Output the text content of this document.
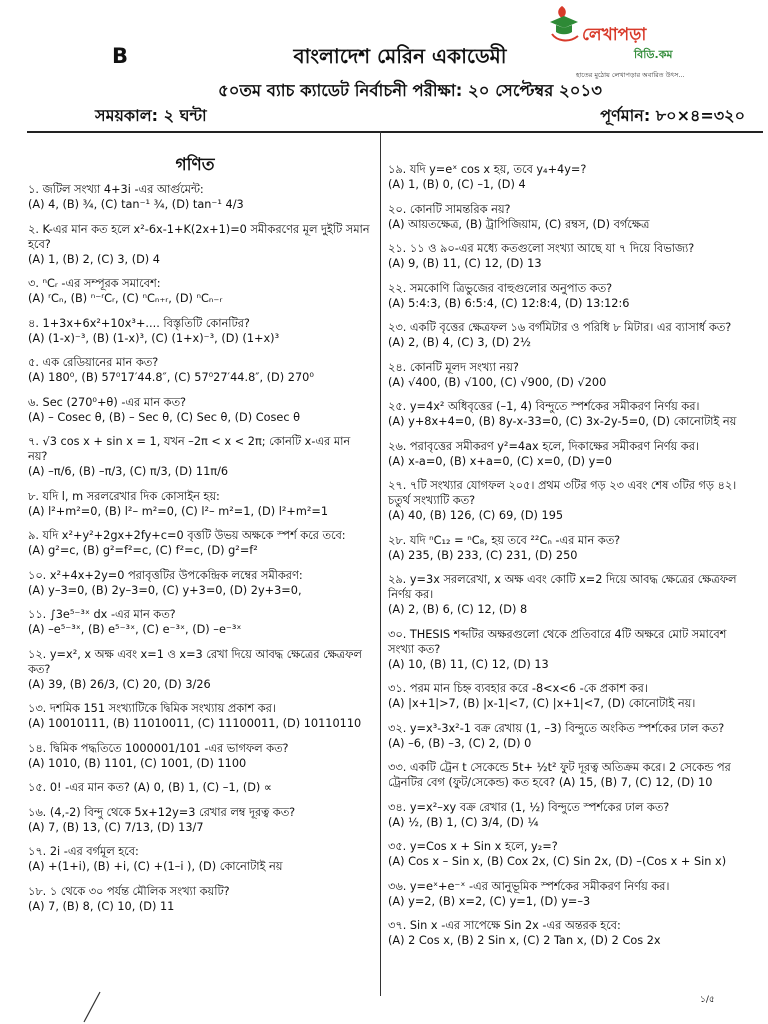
B	বাংলাদেশ মেরিন একাডেমী
৫০তম ব্যাচ ক্যাডেট নির্বাচনী পরীক্ষা: ২০ সেপ্টেম্বর ২০১৩
সময়কাল: ২ ঘন্টা	পূর্ণমান: ৮০×৪=৩২০
লেখাপড়া
বিডি.কম
হাতের মুঠোয় লেখাপড়ার অবারিত উৎস...
গণিত
১. জটিল সংখ্যা 4+3i -এর আর্গুমেন্ট:
(A) 4, (B) ¾, (C) tan⁻¹ ¾, (D) tan⁻¹ 4/3
২. K-এর মান কত হলে x²-6x-1+K(2x+1)=0 সমীকরণের মূল দুইটি সমান হবে?
(A) 1, (B) 2, (C) 3, (D) 4
৩. ⁿCᵣ -এর সম্পূরক সমাবেশ:
(A) ʳCₙ, (B) ⁿ⁻ʳCᵣ, (C) ⁿCₙ₊ᵣ, (D) ⁿCₙ₋ᵣ
৪. 1+3x+6x²+10x³+.... বিস্তৃতিটি কোনটির?
(A) (1-x)⁻³, (B) (1-x)³, (C) (1+x)⁻³, (D) (1+x)³
৫. এক রেডিয়ানের মান কত?
(A) 180⁰, (B) 57⁰17′44.8″, (C) 57⁰27′44.8″, (D) 270⁰
৬. Sec (270⁰+θ) -এর মান কত?
(A) – Cosec θ, (B) – Sec θ, (C) Sec θ, (D) Cosec θ
৭. √3 cos x + sin x = 1, যখন –2π < x < 2π; কোনটি x-এর মান নয়?
(A) –π/6, (B) –π/3, (C) π/3, (D) 11π/6
৮. যদি l, m সরলরেখার দিক কোসাইন হয়:
(A) l²+m²=0, (B) l²– m²=0, (C) l²– m²=1, (D) l²+m²=1
৯. যদি x²+y²+2gx+2fy+c=0 বৃত্তটি উভয় অক্ষকে স্পর্শ করে তবে:
(A) g²=c, (B) g²=f²=c, (C) f²=c, (D) g²=f²
১০. x²+4x+2y=0 পরাবৃত্তটির উপকেন্দ্রিক লম্বের সমীকরণ:
(A) y–3=0, (B) 2y–3=0, (C) y+3=0, (D) 2y+3=0,
১১. ∫3e⁵⁻³ˣ dx -এর মান কত?
(A) –e⁵⁻³ˣ, (B) e⁵⁻³ˣ, (C) e⁻³ˣ, (D) –e⁻³ˣ
১২. y=x², x অক্ষ এবং x=1 ও x=3 রেখা দিয়ে আবদ্ধ ক্ষেত্রের ক্ষেত্রফল কত?
(A) 39, (B) 26/3, (C) 20, (D) 3/26
১৩. দশমিক 151 সংখ্যাটিকে দ্বিমিক সংখ্যায় প্রকাশ কর।
(A) 10010111, (B) 11010011, (C) 11100011, (D) 10110110
১৪. দ্বিমিক পদ্ধতিতে 1000001/101 -এর ভাগফল কত?
(A) 1010, (B) 1101, (C) 1001, (D) 1100
১৫. 0! -এর মান কত? (A) 0, (B) 1, (C) –1, (D) ∝
১৬. (4,-2) বিন্দু থেকে 5x+12y=3 রেখার লম্ব দূরত্ব কত?
(A) 7, (B) 13, (C) 7/13, (D) 13/7
১৭. 2i -এর বর্গমূল হবে:
(A) +(1+i), (B) +i, (C) +(1–i ), (D) কোনোটাই নয়
১৮. ১ থেকে ৩০ পর্যন্ত মৌলিক সংখ্যা কয়টি?
(A) 7, (B) 8, (C) 10, (D) 11
১৯. যদি y=eˣ cos x হয়, তবে y₄+4y=?
(A) 1, (B) 0, (C) –1, (D) 4
২০. কোনটি সামন্তরিক নয়?
(A) আয়তক্ষেত্র, (B) ট্রাপিজিয়াম, (C) রম্বস, (D) বর্গক্ষেত্র
২১. ১১ ও ৯০-এর মধ্যে কতগুলো সংখ্যা আছে যা ৭ দিয়ে বিভাজ্য?
(A) 9, (B) 11, (C) 12, (D) 13
২২. সমকোণি ত্রিভুজের বাহুগুলোর অনুপাত কত?
(A) 5:4:3, (B) 6:5:4, (C) 12:8:4, (D) 13:12:6
২৩. একটি বৃত্তের ক্ষেত্রফল ১৬ বর্গমিটার ও পরিধি ৮ মিটার। এর ব্যাসার্ধ কত?
(A) 2, (B) 4, (C) 3, (D) 2½
২৪. কোনটি মূলদ সংখ্যা নয়?
(A) √400, (B) √100, (C) √900, (D) √200
২৫. y=4x² অধিবৃত্তের (–1, 4) বিন্দুতে স্পর্শকের সমীকরণ নির্ণয় কর।
(A) y+8x+4=0, (B) 8y-x-33=0, (C) 3x-2y-5=0, (D) কোনোটাই নয়
২৬. পরাবৃত্তের সমীকরণ y²=4ax হলে, দিকাক্ষের সমীকরণ নির্ণয় কর।
(A) x-a=0, (B) x+a=0, (C) x=0, (D) y=0
২৭. ৭টি সংখ্যার যোগফল ২০৫। প্রথম ৩টির গড় ২৩ এবং শেষ ৩টির গড় ৪২। চতুর্থ সংখ্যাটি কত?
(A) 40, (B) 126, (C) 69, (D) 195
২৮. যদি ⁿC₁₂ = ⁿC₈, হয় তবে ²²Cₙ -এর মান কত?
(A) 235, (B) 233, (C) 231, (D) 250
২৯. y=3x সরলরেখা, x অক্ষ এবং কোটি x=2 দিয়ে আবদ্ধ ক্ষেত্রের ক্ষেত্রফল নির্ণয় কর।
(A) 2, (B) 6, (C) 12, (D) 8
৩০. THESIS শব্দটির অক্ষরগুলো থেকে প্রতিবারে 4টি অক্ষরে মোট সমাবেশ সংখ্যা কত?
(A) 10, (B) 11, (C) 12, (D) 13
৩১. পরম মান চিহ্ন ব্যবহার করে -8<x<6 -কে প্রকাশ কর।
(A) |x+1|>7, (B) |x-1|<7, (C) |x+1|<7, (D) কোনোটাই নয়।
৩২. y=x³-3x²-1 বক্র রেখায় (1, –3) বিন্দুতে অংকিত স্পর্শকের ঢাল কত?
(A) –6, (B) –3, (C) 2, (D) 0
৩৩. একটি ট্রেন t সেকেন্ডে 5t+ ½t² ফুট দূরত্ব অতিক্রম করে। 2 সেকেন্ড পর ট্রেনটির বেগ (ফুট/সেকেন্ড) কত হবে? (A) 15, (B) 7, (C) 12, (D) 10
৩৪. y=x²–xy বক্র রেখার (1, ½) বিন্দুতে স্পর্শকের ঢাল কত?
(A) ½, (B) 1, (C) 3/4, (D) ¼
৩৫. y=Cos x + Sin x হলে, y₂=?
(A) Cos x – Sin x, (B) Cox 2x, (C) Sin 2x, (D) –(Cos x + Sin x)
৩৬. y=eˣ+e⁻ˣ -এর আনুভূমিক স্পর্শকের সমীকরণ নির্ণয় কর।
(A) y=2, (B) x=2, (C) y=1, (D) y=–3
৩৭. Sin x -এর সাপেক্ষে Sin 2x -এর অন্তরক হবে:
(A) 2 Cos x, (B) 2 Sin x, (C) 2 Tan x, (D) 2 Cos 2x
১/৫
